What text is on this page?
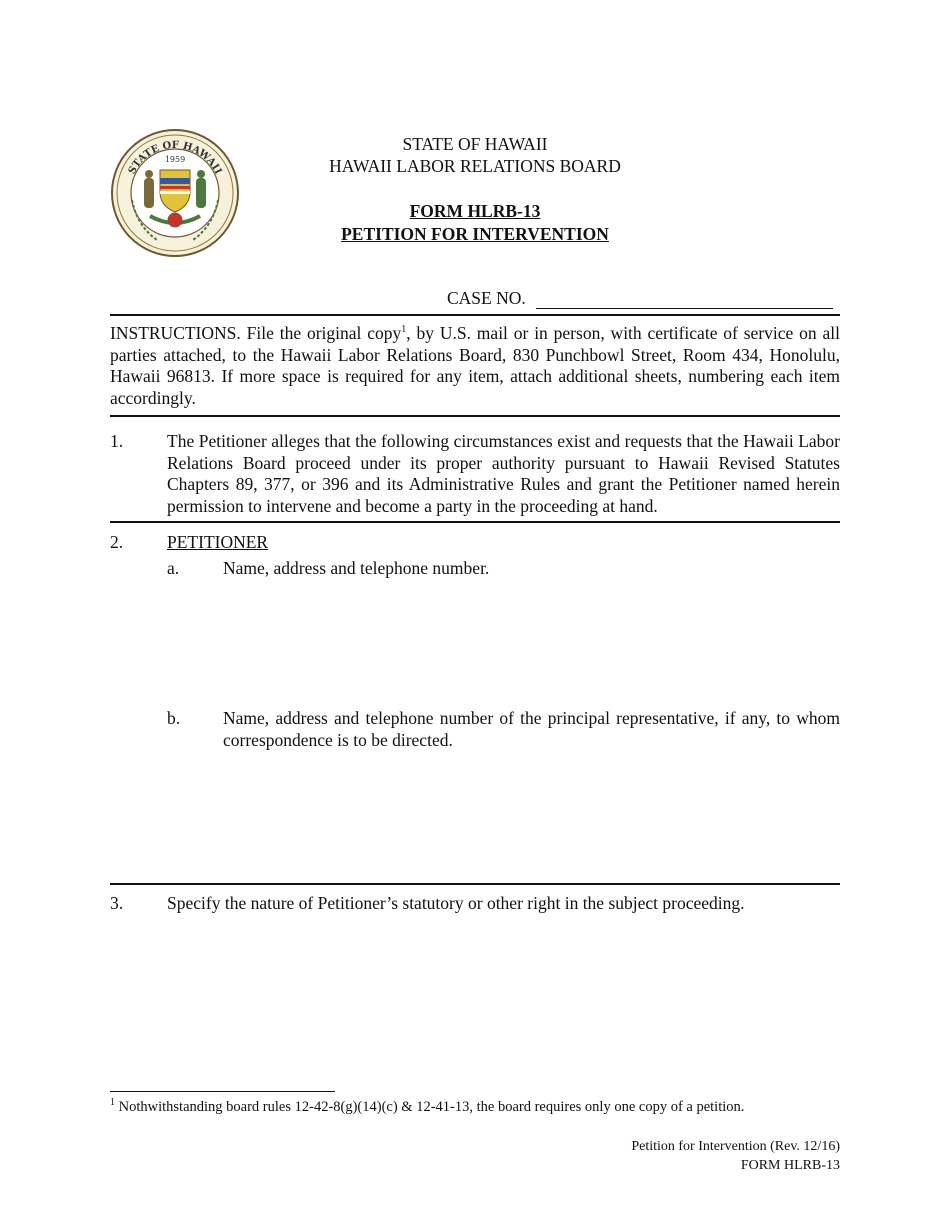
STATE OF HAWAII
1959
STATE OF HAWAII
HAWAII LABOR RELATIONS BOARD
FORM HLRB-13
PETITION FOR INTERVENTION
CASE NO.
INSTRUCTIONS. File the original copy$^1$, by U.S. mail or in person, with certificate of service on all parties attached, to the Hawaii Labor Relations Board, 830 Punchbowl Street, Room 434, Honolulu, Hawaii 96813. If more space is required for any item, attach additional sheets, numbering each item accordingly.
1.	The Petitioner alleges that the following circumstances exist and requests that the Hawaii Labor Relations Board proceed under its proper authority pursuant to Hawaii Revised Statutes Chapters 89, 377, or 396 and its Administrative Rules and grant the Petitioner named herein permission to intervene and become a party in the proceeding at hand.
2.	PETITIONER
a.	Name, address and telephone number.
b. Name, address and telephone number of the principal representative, if any, to whom correspondence is to be directed.
3.	Specify the nature of Petitioner’s statutory or other right in the subject proceeding.
$^1$ Nothwithstanding board rules 12-42-8(g)(14)(c) & 12-41-13, the board requires only one copy of a petition.
Petition for Intervention (Rev. 12/16)
FORM HLRB-13
